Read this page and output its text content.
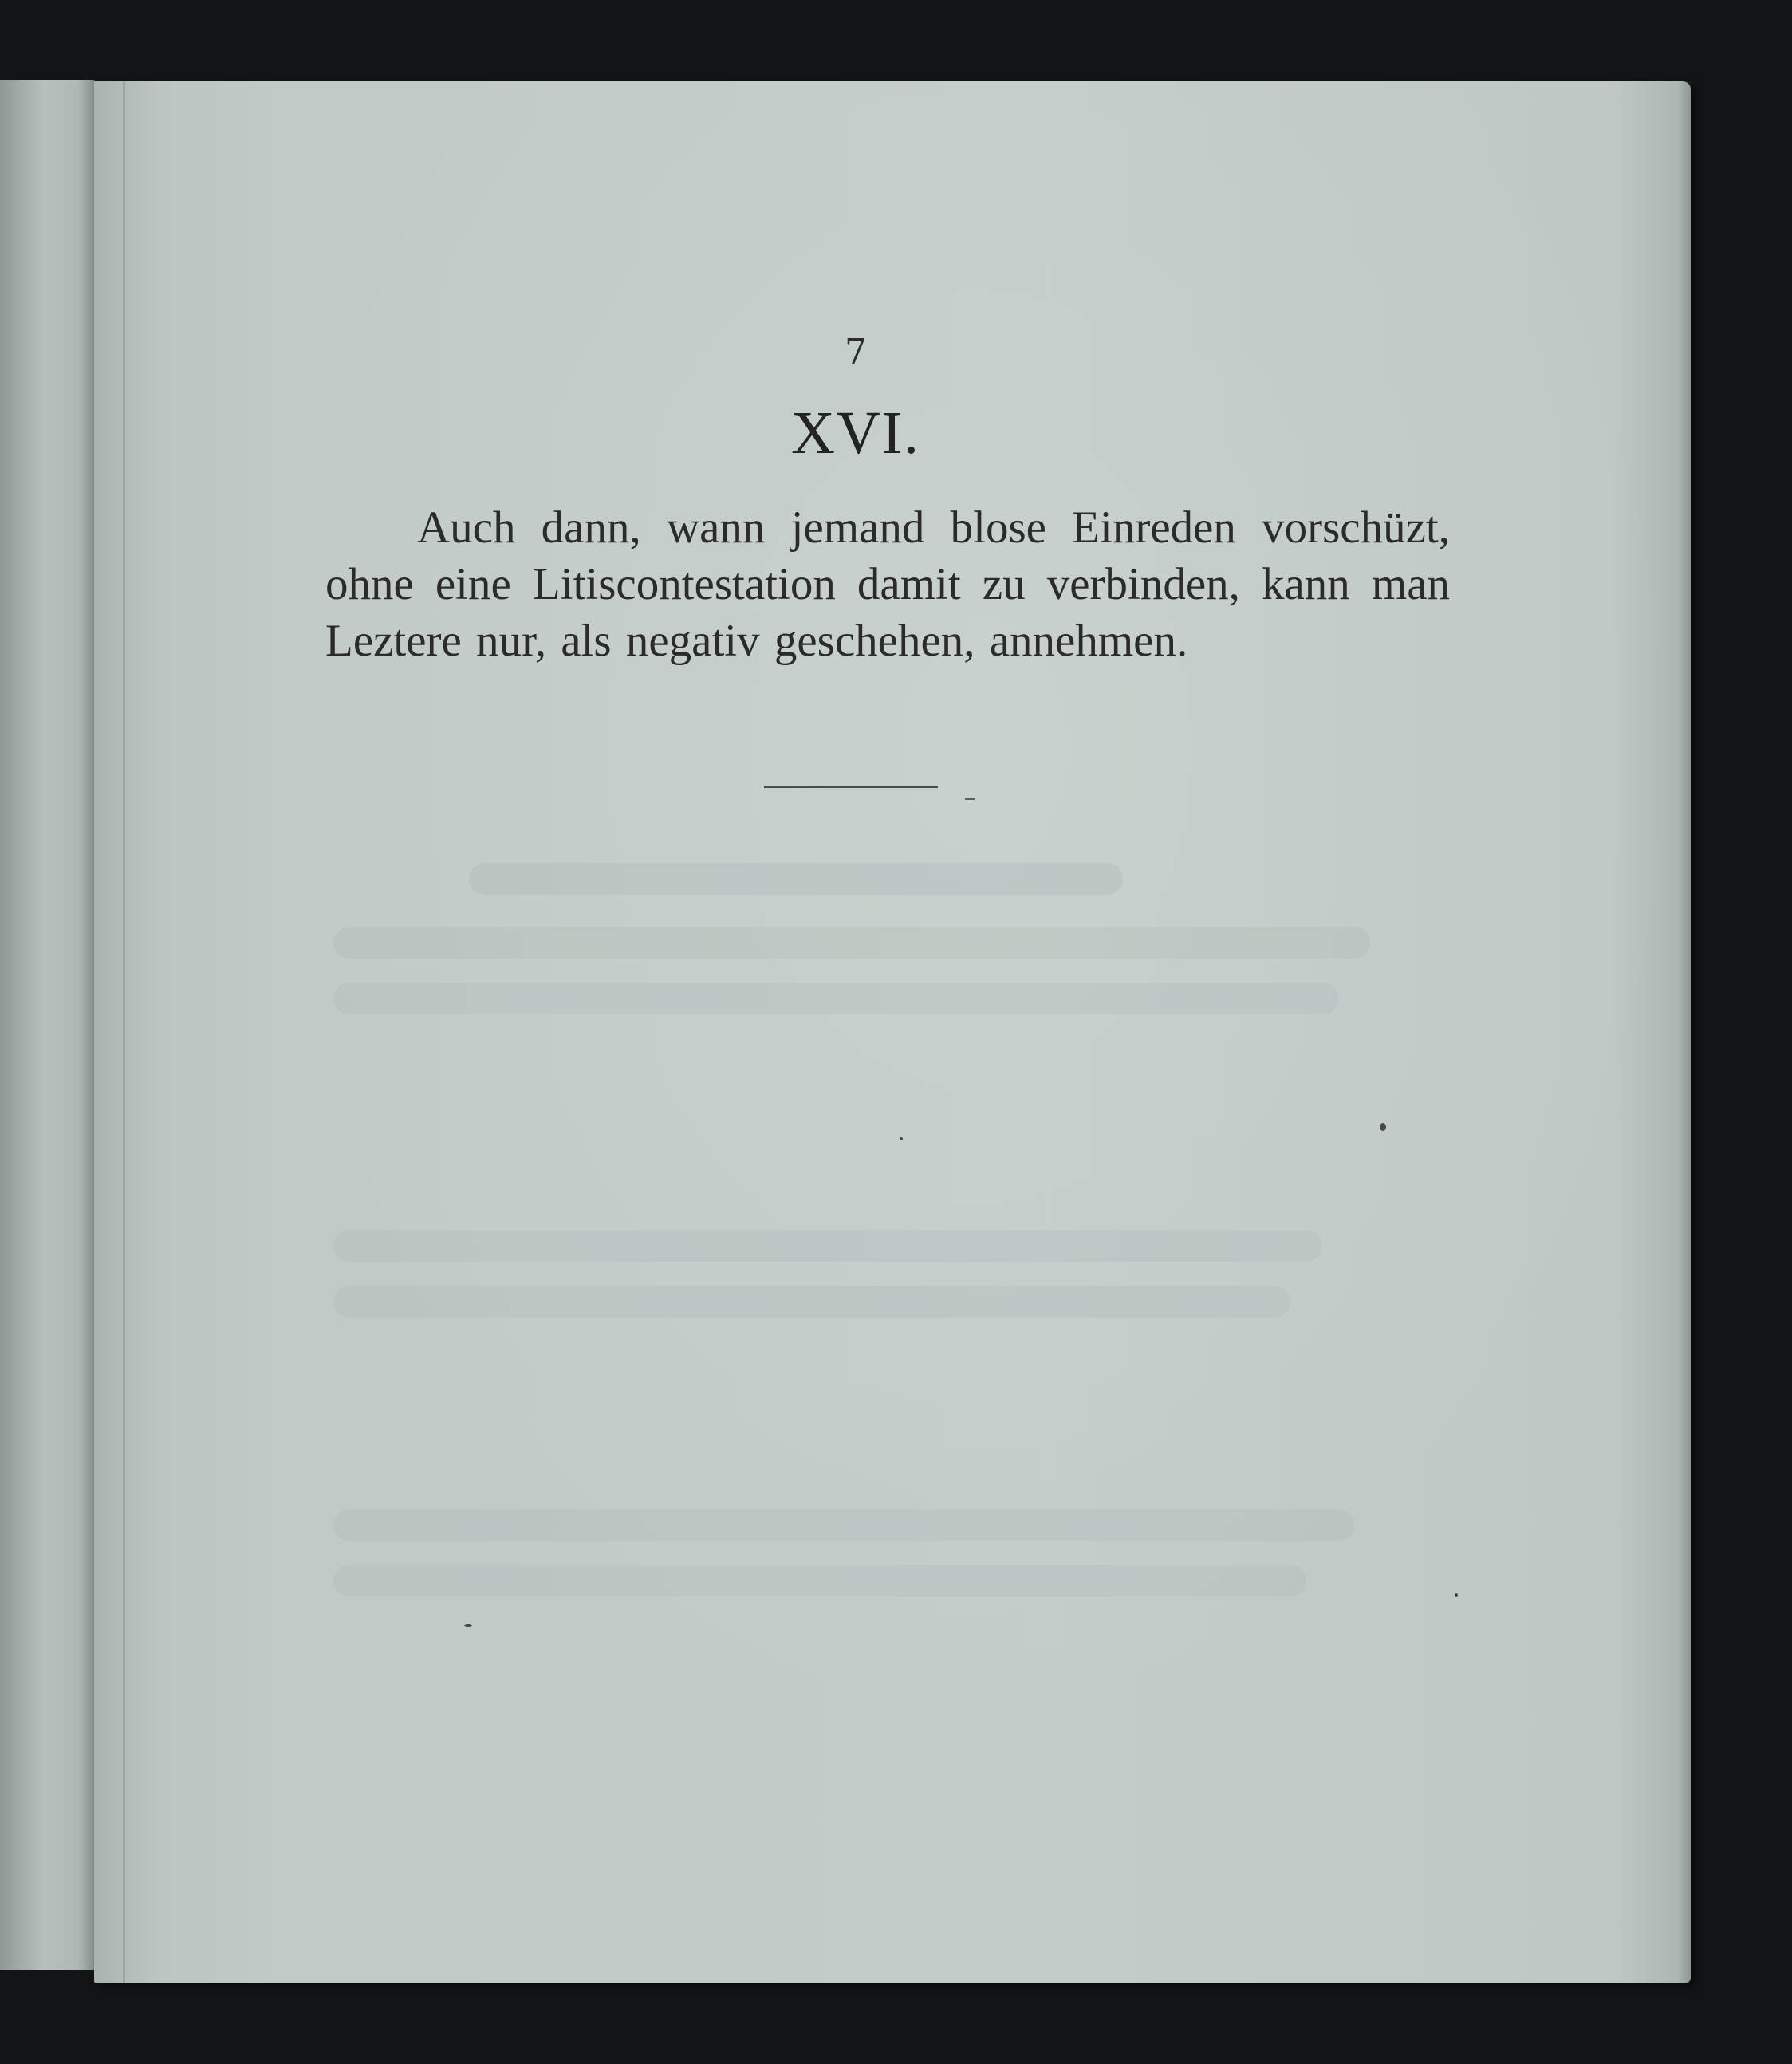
7
XVI.

Auch dann, wann jemand blose Einreden vorschüzt, ohne eine Litiscontestation damit zu verbinden, kann man Leztere nur, als negativ geschehen, annehmen.
